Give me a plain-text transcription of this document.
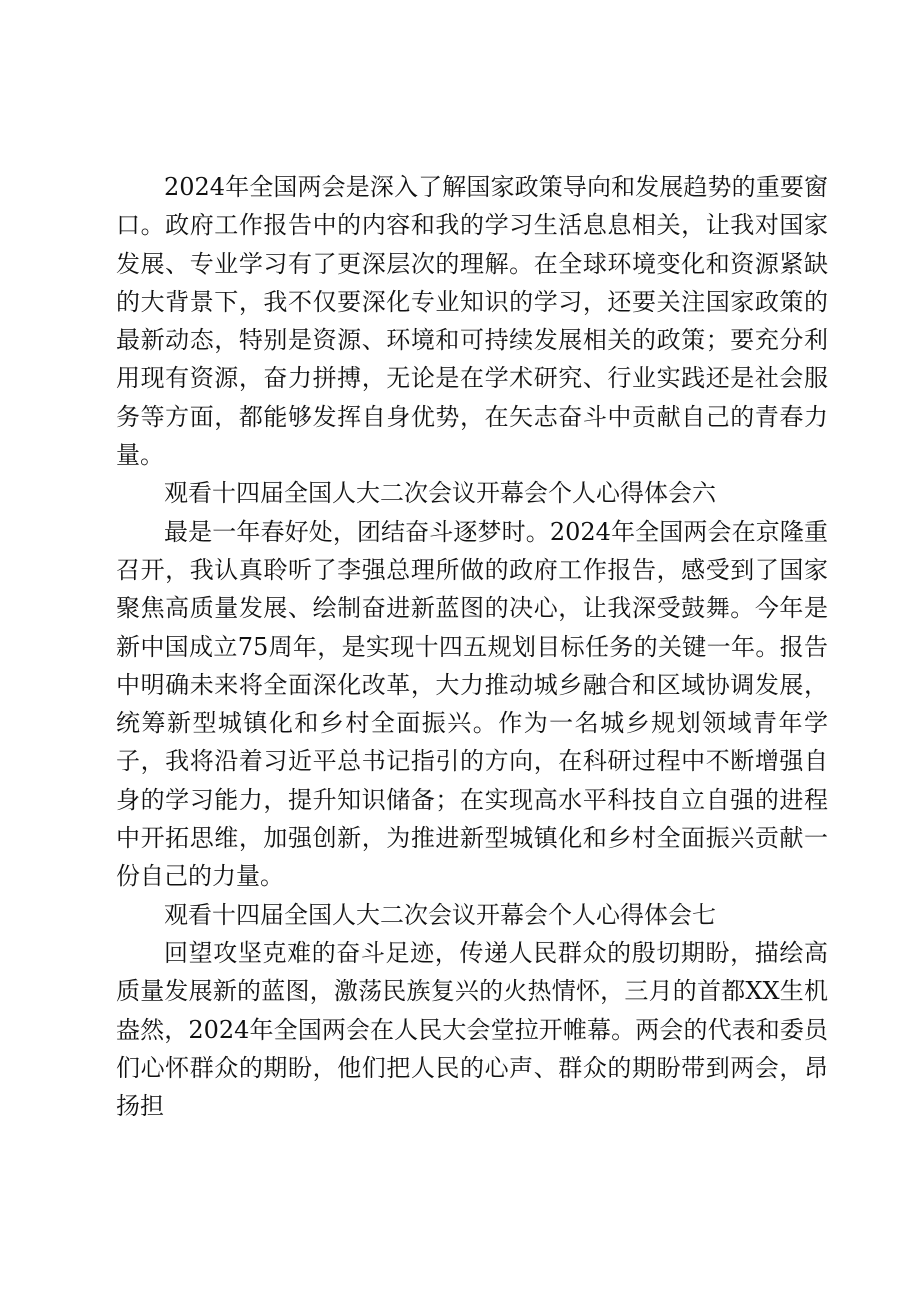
2024年全国两会是深入了解国家政策导向和发展趋势的重要窗口。政府工作报告中的内容和我的学习生活息息相关，让我对国家发展、专业学习有了更深层次的理解。在全球环境变化和资源紧缺的大背景下，我不仅要深化专业知识的学习，还要关注国家政策的最新动态，特别是资源、环境和可持续发展相关的政策；要充分利用现有资源，奋力拼搏，无论是在学术研究、行业实践还是社会服务等方面，都能够发挥自身优势，在矢志奋斗中贡献自己的青春力量。

观看十四届全国人大二次会议开幕会个人心得体会六

最是一年春好处，团结奋斗逐梦时。2024年全国两会在京隆重召开，我认真聆听了李强总理所做的政府工作报告，感受到了国家聚焦高质量发展、绘制奋进新蓝图的决心，让我深受鼓舞。今年是新中国成立75周年，是实现十四五规划目标任务的关键一年。报告中明确未来将全面深化改革，大力推动城乡融合和区域协调发展，统筹新型城镇化和乡村全面振兴。作为一名城乡规划领域青年学子，我将沿着习近平总书记指引的方向，在科研过程中不断增强自身的学习能力，提升知识储备；在实现高水平科技自立自强的进程中开拓思维，加强创新，为推进新型城镇化和乡村全面振兴贡献一份自己的力量。

观看十四届全国人大二次会议开幕会个人心得体会七

回望攻坚克难的奋斗足迹，传递人民群众的殷切期盼，描绘高质量发展新的蓝图，激荡民族复兴的火热情怀，三月的首都XX生机盎然，2024年全国两会在人民大会堂拉开帷幕。两会的代表和委员们心怀群众的期盼，他们把人民的心声、群众的期盼带到两会，昂扬担
